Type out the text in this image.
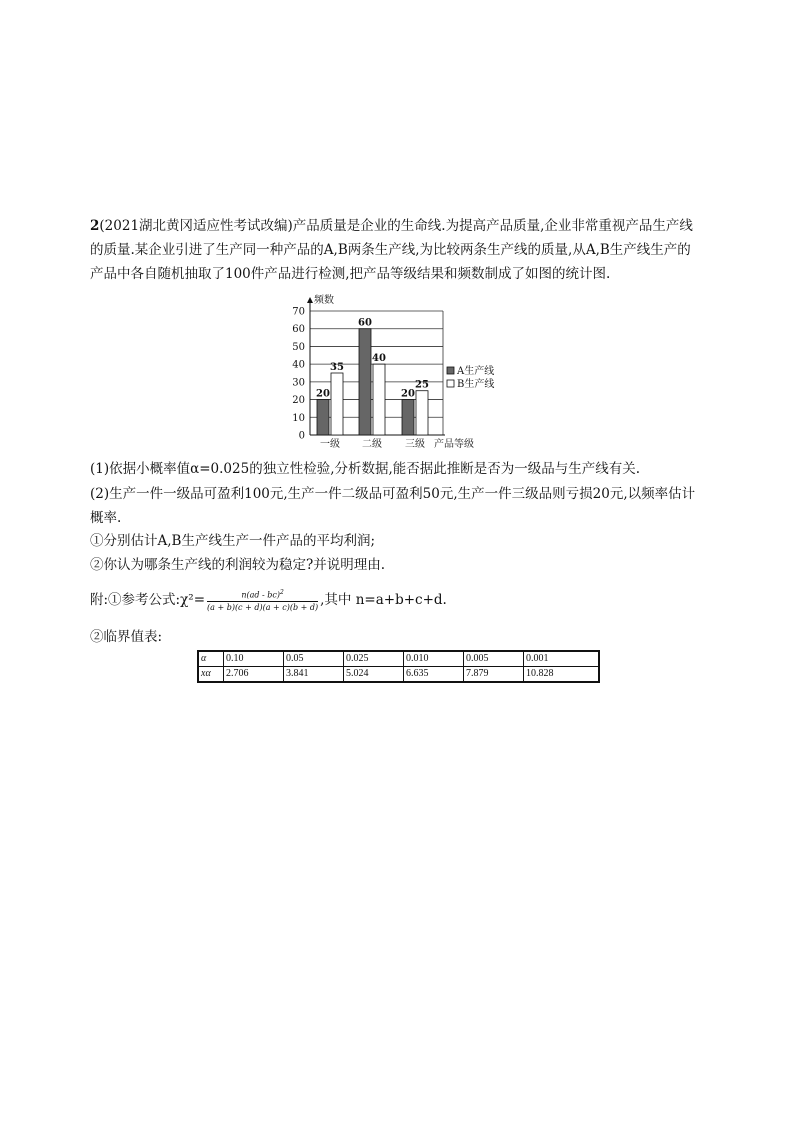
2(2021湖北黄冈适应性考试改编)产品质量是企业的生命线.为提高产品质量,企业非常重视产品生产线的质量.某企业引进了生产同一种产品的A,B两条生产线,为比较两条生产线的质量,从A,B生产线生产的产品中各自随机抽取了100件产品进行检测,把产品等级结果和频数制成了如图的统计图.
0
10
20
30
40
50
60
70
频数
产品等级
20
35
一级
60
40
二级
20
25
三级
A生产线
B生产线
(1)依据小概率值α=0.025的独立性检验,分析数据,能否据此推断是否为一级品与生产线有关.
(2)生产一件一级品可盈利100元,生产一件二级品可盈利50元,生产一件三级品则亏损20元,以频率估计概率.
①分别估计A,B生产线生产一件产品的平均利润;
②你认为哪条生产线的利润较为稳定?并说明理由.
附:①参考公式:χ²= $\frac{n(ad - bc)^2}{(a + b)(c + d)(a + c)(b + d)}$ ,其中 n=a+b+c+d.
②临界值表:
α	0.10	0.05	0.025	0.010	0.005	0.001
xα	2.706	3.841	5.024	6.635	7.879	10.828
